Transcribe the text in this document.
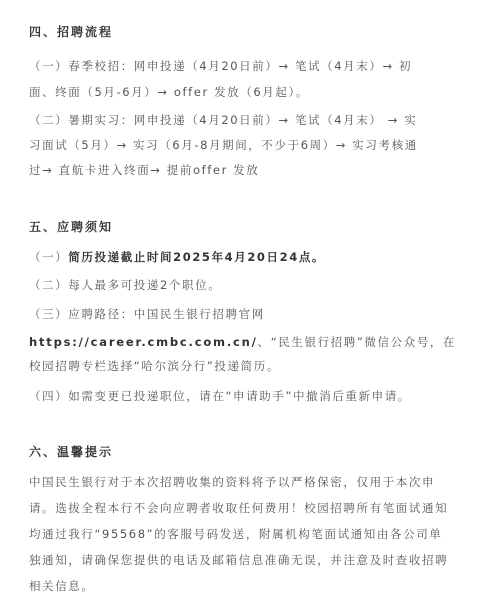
四、招聘流程
（一）春季校招：网申投递（4月20日前）→ 笔试（4月末）→ 初
面、终面（5月-6月）→ offer 发放（6月起）。
（二）暑期实习：网申投递（4月20日前）→ 笔试（4月末） → 实
习面试（5月）→ 实习（6月-8月期间，不少于6周）→ 实习考核通
过→ 直航卡进入终面→ 提前offer 发放
五、应聘须知
（一）简历投递截止时间2025年4月20日24点。
（二）每人最多可投递2个职位。
（三）应聘路径：中国民生银行招聘官网
https://career.cmbc.com.cn/、“民生银行招聘”微信公众号，在
校园招聘专栏选择“哈尔滨分行”投递简历。
（四）如需变更已投递职位，请在“申请助手”中撤消后重新申请。
六、温馨提示
中国民生银行对于本次招聘收集的资料将予以严格保密，仅用于本次申
请。选拔全程本行不会向应聘者收取任何费用！校园招聘所有笔面试通知
均通过我行“95568”的客服号码发送，附属机构笔面试通知由各公司单
独通知，请确保您提供的电话及邮箱信息准确无误，并注意及时查收招聘
相关信息。
